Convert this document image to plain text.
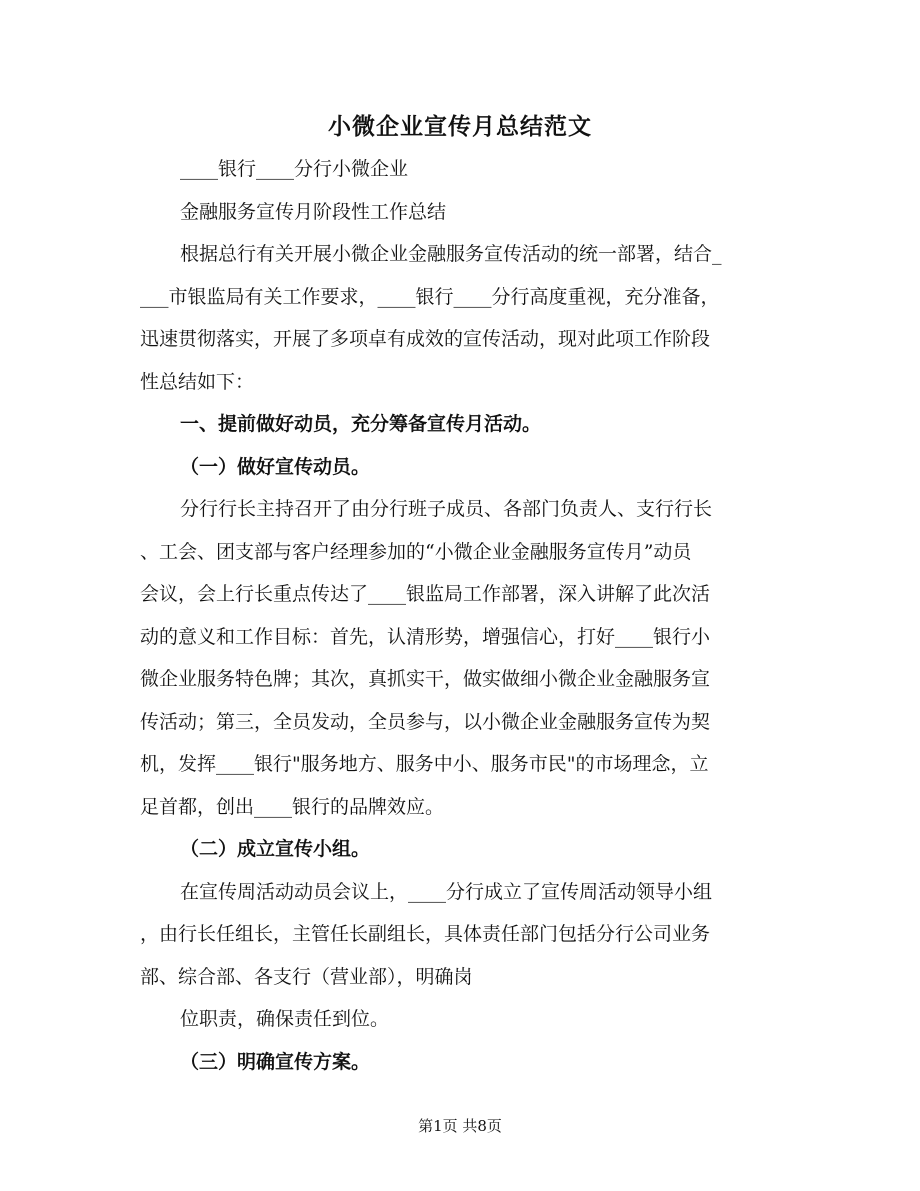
小微企业宣传月总结范文
____银行____分行小微企业
金融服务宣传月阶段性工作总结
根据总行有关开展小微企业金融服务宣传活动的统一部署，结合_
___市银监局有关工作要求，____银行____分行高度重视，充分准备，
迅速贯彻落实，开展了多项卓有成效的宣传活动，现对此项工作阶段
性总结如下：
一、提前做好动员，充分筹备宣传月活动。
（一）做好宣传动员。
分行行长主持召开了由分行班子成员、各部门负责人、支行行长
、工会、团支部与客户经理参加的“小微企业金融服务宣传月”动员
会议，会上行长重点传达了____银监局工作部署，深入讲解了此次活
动的意义和工作目标：首先，认清形势，增强信心，打好____银行小
微企业服务特色牌；其次，真抓实干，做实做细小微企业金融服务宣
传活动；第三，全员发动，全员参与，以小微企业金融服务宣传为契
机，发挥____银行"服务地方、服务中小、服务市民"的市场理念，立
足首都，创出____银行的品牌效应。
（二）成立宣传小组。
在宣传周活动动员会议上，____分行成立了宣传周活动领导小组
，由行长任组长，主管任长副组长，具体责任部门包括分行公司业务
部、综合部、各支行（营业部），明确岗
位职责，确保责任到位。
（三）明确宣传方案。
第1页 共8页
